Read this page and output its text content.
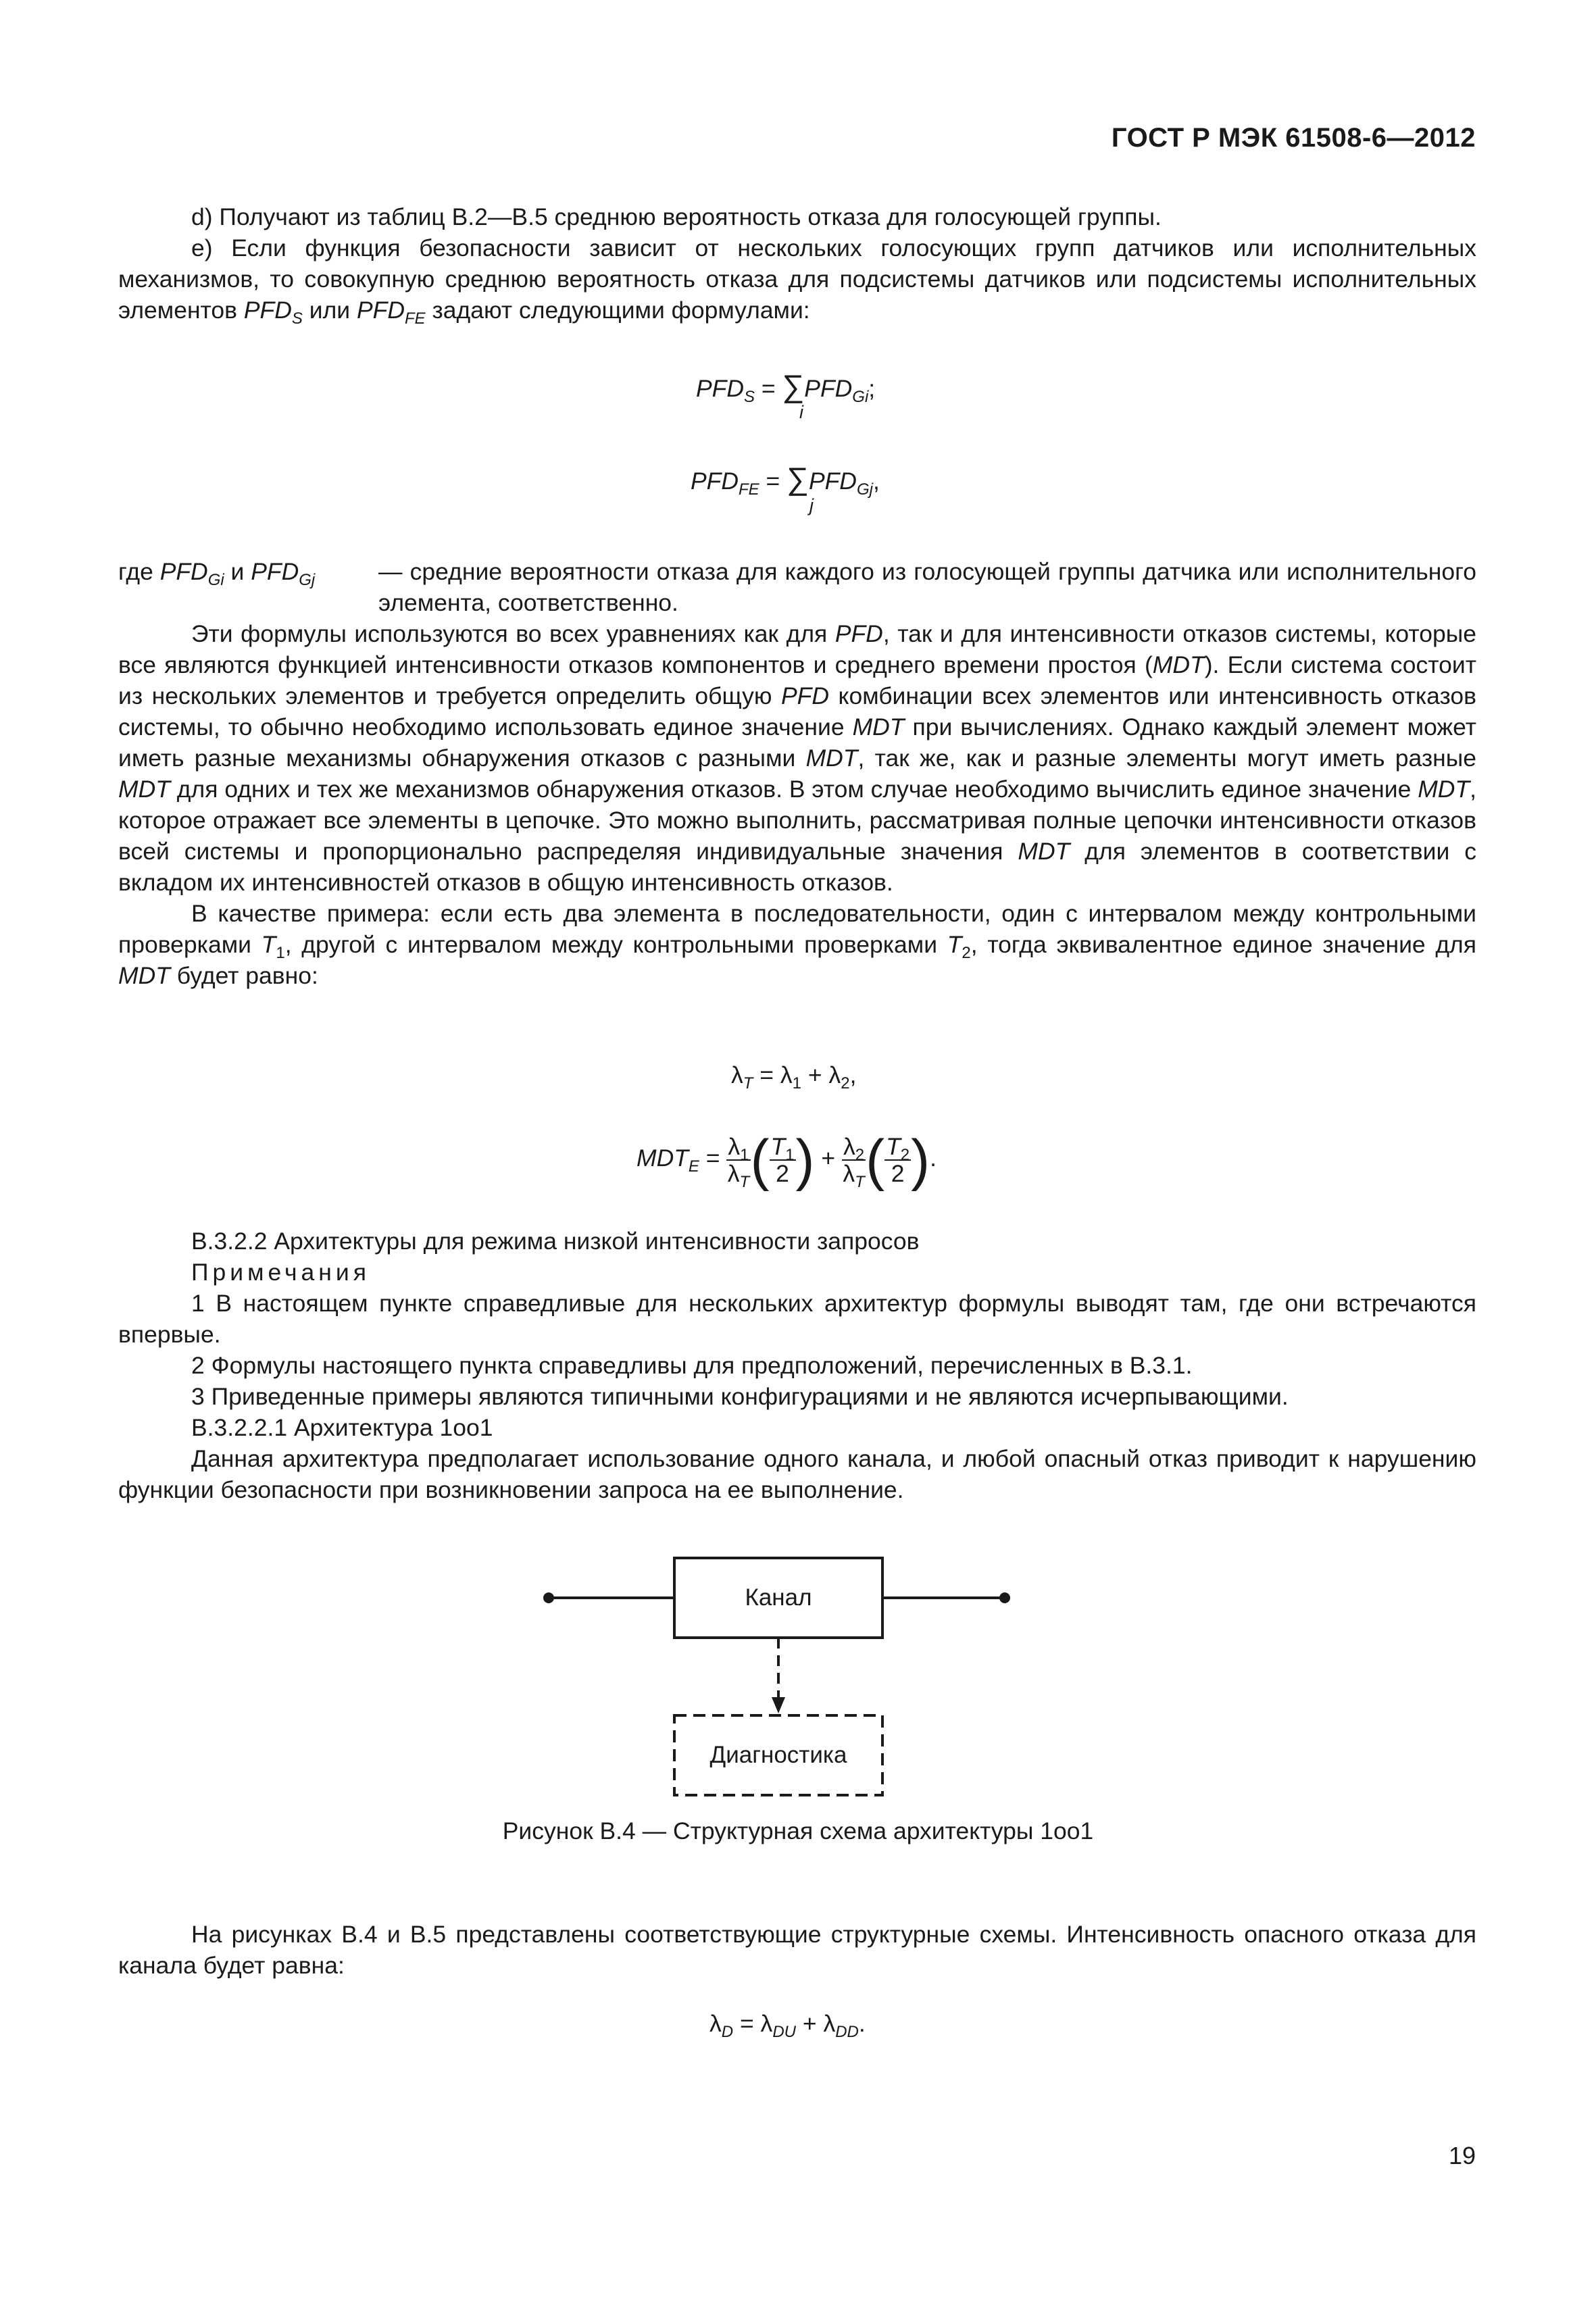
ГОСТ Р МЭК 61508-6—2012

d) Получают из таблиц В.2—В.5 среднюю вероятность отказа для голосующей группы.

e) Если функция безопасности зависит от нескольких голосующих групп датчиков или исполнительных механизмов, то совокупную среднюю вероятность отказа для подсистемы датчиков или подсистемы исполнительных элементов $PFD_S$ или $PFD_{FE}$ задают следующими формулами:

$PFD_S = \sum PFD_{Gi}$;
i
$PFD_{FE} = \sum PFD_{Gj}$,
j
где $PFD_{Gi}$ и $PFD_{Gj}$	— средние вероятности отказа для каждого из голосующей группы датчика или исполнительного элемента, соответственно.

Эти формулы используются во всех уравнениях как для PFD, так и для интенсивности отказов системы, которые все являются функцией интенсивности отказов компонентов и среднего времени простоя (MDT). Если система состоит из нескольких элементов и требуется определить общую PFD комбинации всех элементов или интенсивность отказов системы, то обычно необходимо использовать единое значение MDT при вычислениях. Однако каждый элемент может иметь разные механизмы обнаружения отказов с разными MDT, так же, как и разные элементы могут иметь разные MDT для одних и тех же механизмов обнаружения отказов. В этом случае необходимо вычислить единое значение MDT, которое отражает все элементы в цепочке. Это можно выполнить, рассматривая полные цепочки интенсивности отказов всей системы и пропорционально распределяя индивидуальные значения MDT для элементов в соответствии с вкладом их интенсивностей отказов в общую интенсивность отказов.

В качестве примера: если есть два элемента в последовательности, один с интервалом между контрольными проверками $T_1$, другой с интервалом между контрольными проверками $T_2$, тогда эквивалентное единое значение для MDT будет равно:

$\lambda_T = \lambda_1 + \lambda_2$,
$MDT_E = \frac{\lambda_1}{\lambda_T}$ ( $\frac{T_1}{2}$ ) + $\frac{\lambda_2}{\lambda_T}$ ( $\frac{T_2}{2}$ ).

В.3.2.2 Архитектуры для режима низкой интенсивности запросов

Примечания

1 В настоящем пункте справедливые для нескольких архитектур формулы выводят там, где они встречаются впервые.

2 Формулы настоящего пункта справедливы для предположений, перечисленных в В.3.1.

3 Приведенные примеры являются типичными конфигурациями и не являются исчерпывающими.

В.3.2.2.1 Архитектура 1oo1

Данная архитектура предполагает использование одного канала, и любой опасный отказ приводит к нарушению функции безопасности при возникновении запроса на ее выполнение.

Канал
Диагностика
Рисунок В.4 — Структурная схема архитектуры 1oo1

На рисунках В.4 и В.5 представлены соответствующие структурные схемы. Интенсивность опасного отказа для канала будет равна:

$\lambda_D = \lambda_{DU} + \lambda_{DD}$.
19
